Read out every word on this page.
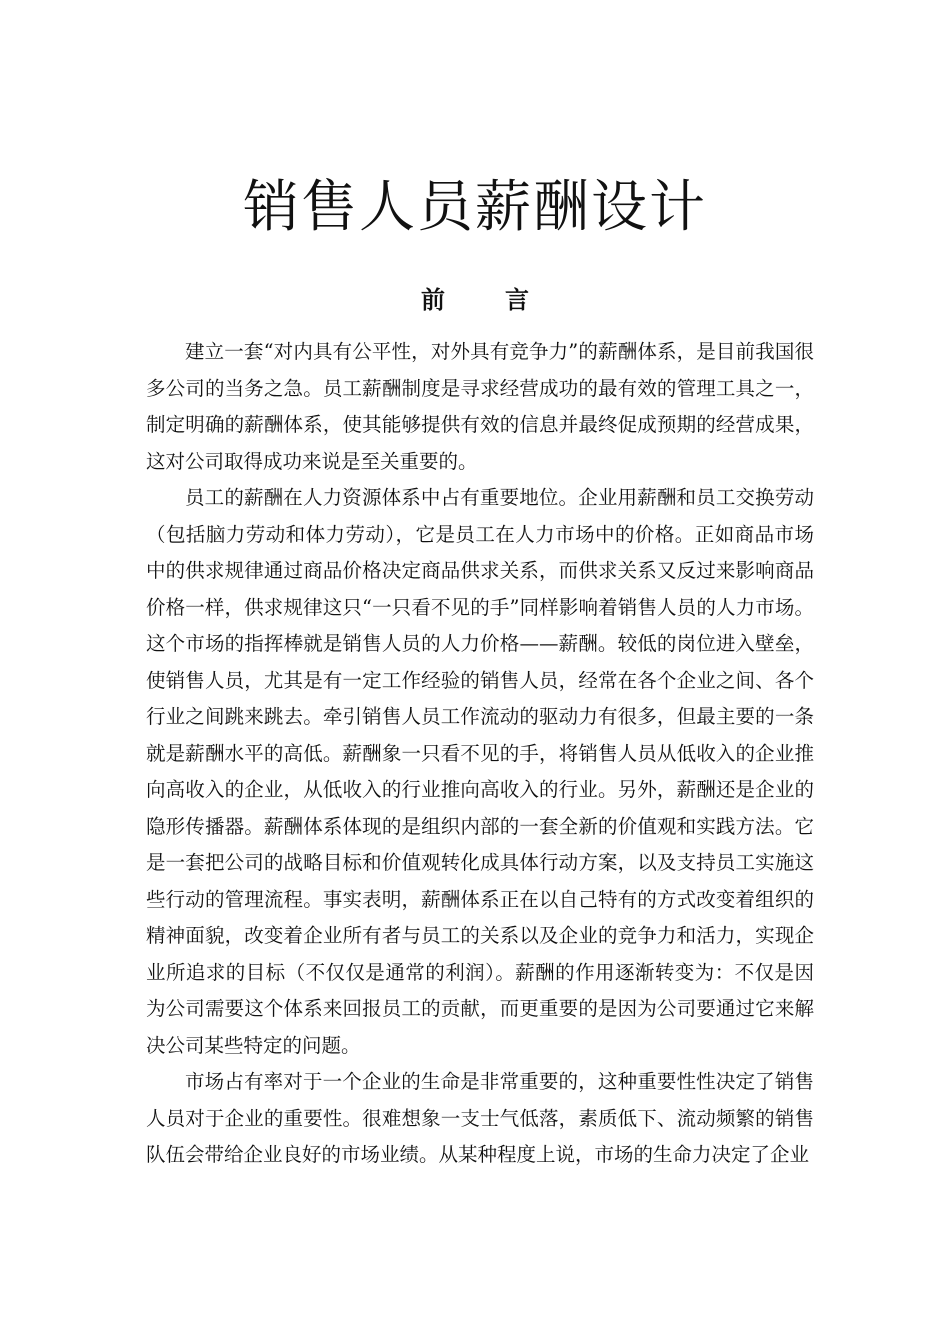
销售人员薪酬设计
前	言

建立一套“对内具有公平性，对外具有竞争力”的薪酬体系，是目前我国很多公司的当务之急。员工薪酬制度是寻求经营成功的最有效的管理工具之一，制定明确的薪酬体系，使其能够提供有效的信息并最终促成预期的经营成果，这对公司取得成功来说是至关重要的。

员工的薪酬在人力资源体系中占有重要地位。企业用薪酬和员工交换劳动（包括脑力劳动和体力劳动），它是员工在人力市场中的价格。正如商品市场中的供求规律通过商品价格决定商品供求关系，而供求关系又反过来影响商品价格一样，供求规律这只“一只看不见的手”同样影响着销售人员的人力市场。这个市场的指挥棒就是销售人员的人力价格——薪酬。较低的岗位进入壁垒，使销售人员，尤其是有一定工作经验的销售人员，经常在各个企业之间、各个行业之间跳来跳去。牵引销售人员工作流动的驱动力有很多，但最主要的一条就是薪酬水平的高低。薪酬象一只看不见的手，将销售人员从低收入的企业推向高收入的企业，从低收入的行业推向高收入的行业。另外，薪酬还是企业的隐形传播器。薪酬体系体现的是组织内部的一套全新的价值观和实践方法。它是一套把公司的战略目标和价值观转化成具体行动方案，以及支持员工实施这些行动的管理流程。事实表明，薪酬体系正在以自己特有的方式改变着组织的精神面貌，改变着企业所有者与员工的关系以及企业的竞争力和活力，实现企业所追求的目标（不仅仅是通常的利润）。薪酬的作用逐渐转变为：不仅是因为公司需要这个体系来回报员工的贡献，而更重要的是因为公司要通过它来解决公司某些特定的问题。

市场占有率对于一个企业的生命是非常重要的，这种重要性性决定了销售人员对于企业的重要性。很难想象一支士气低落，素质低下、流动频繁的销售队伍会带给企业良好的市场业绩。从某种程度上说，市场的生命力决定了企业
